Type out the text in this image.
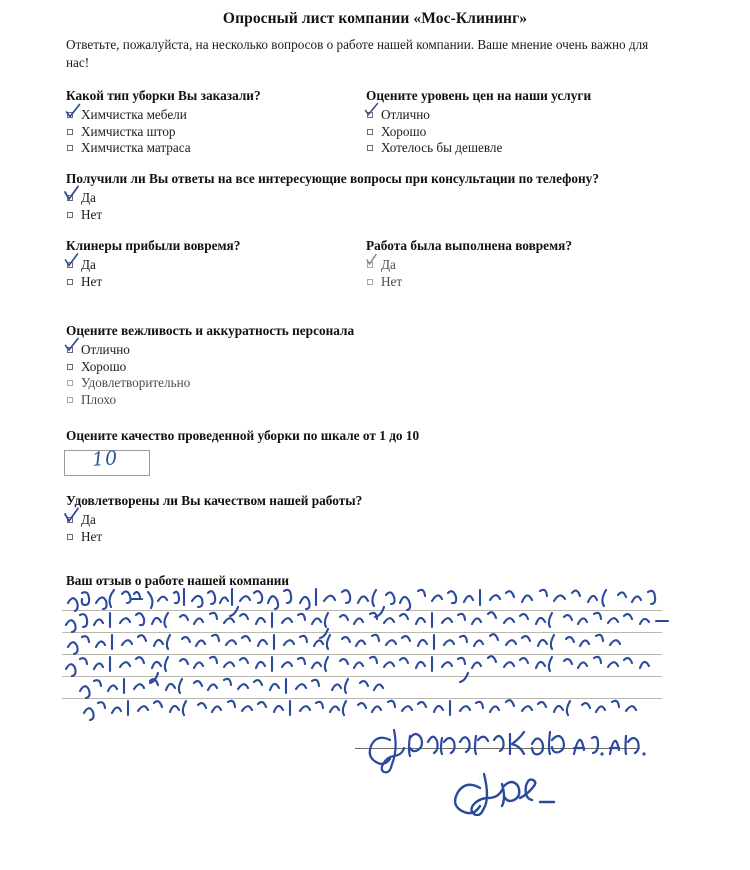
Опросный лист компании «Мос-Клининг»
Ответьте, пожалуйста, на несколько вопросов о работе нашей компании. Ваше мнение очень важно для нас!
Какой тип уборки Вы заказали?
Химчистка мебели
Химчистка штор
Химчистка матраса
Оцените уровень цен на наши услуги
Отлично
Хорошо
Хотелось бы дешевле
Получили ли Вы ответы на все интересующие вопросы при консультации по телефону?
Да
Нет
Клинеры прибыли вовремя?
Да
Нет
Работа была выполнена вовремя?
Да
Нет
Оцените вежливость и аккуратность персонала
Отлично
Хорошо
Удовлетворительно
Плохо
Оцените качество проведенной уборки по шкале от 1 до 10
10
Удовлетворены ли Вы качеством нашей работы?
Да
Нет
Ваш отзыв о работе нашей компании
